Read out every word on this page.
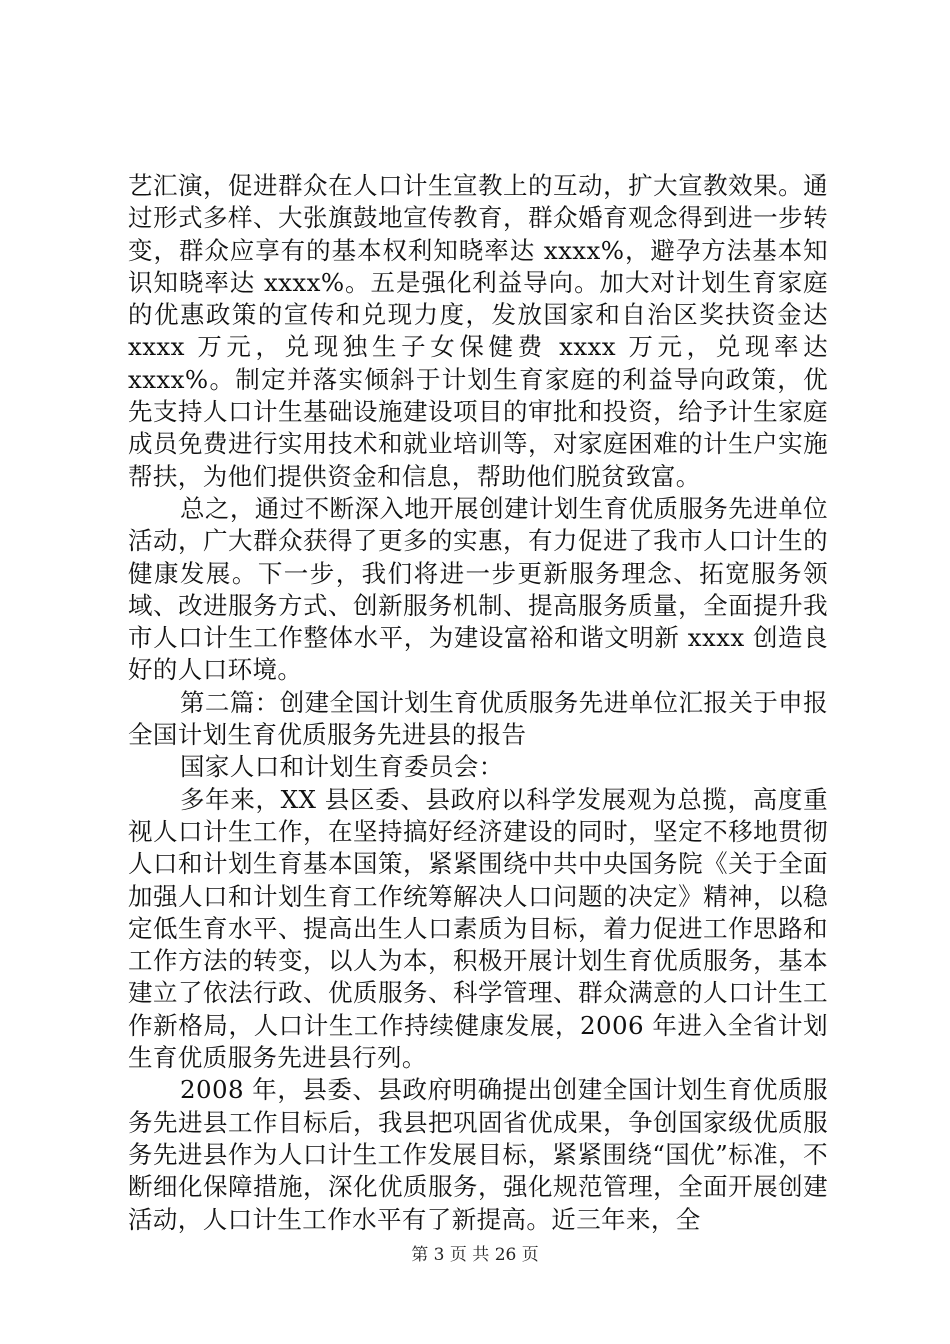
艺汇演，促进群众在人口计生宣教上的互动，扩大宣教效果。通过形式多样、大张旗鼓地宣传教育，群众婚育观念得到进一步转变，群众应享有的基本权利知晓率达 xxxx%，避孕方法基本知识知晓率达 xxxx%。五是强化利益导向。加大对计划生育家庭的优惠政策的宣传和兑现力度，发放国家和自治区奖扶资金达 xxxx 万元，兑现独生子女保健费 xxxx 万元，兑现率达 xxxx%。制定并落实倾斜于计划生育家庭的利益导向政策，优先支持人口计生基础设施建设项目的审批和投资，给予计生家庭成员免费进行实用技术和就业培训等，对家庭困难的计生户实施帮扶，为他们提供资金和信息，帮助他们脱贫致富。

总之，通过不断深入地开展创建计划生育优质服务先进单位活动，广大群众获得了更多的实惠，有力促进了我市人口计生的健康发展。下一步，我们将进一步更新服务理念、拓宽服务领域、改进服务方式、创新服务机制、提高服务质量，全面提升我市人口计生工作整体水平，为建设富裕和谐文明新 xxxx 创造良好的人口环境。

第二篇：创建全国计划生育优质服务先进单位汇报关于申报全国计划生育优质服务先进县的报告

国家人口和计划生育委员会：

多年来，XX 县区委、县政府以科学发展观为总揽，高度重视人口计生工作，在坚持搞好经济建设的同时，坚定不移地贯彻人口和计划生育基本国策，紧紧围绕中共中央国务院《关于全面加强人口和计划生育工作统筹解决人口问题的决定》精神，以稳定低生育水平、提高出生人口素质为目标，着力促进工作思路和工作方法的转变，以人为本，积极开展计划生育优质服务，基本建立了依法行政、优质服务、科学管理、群众满意的人口计生工作新格局，人口计生工作持续健康发展，2006 年进入全省计划生育优质服务先进县行列。

2008 年，县委、县政府明确提出创建全国计划生育优质服务先进县工作目标后，我县把巩固省优成果，争创国家级优质服务先进县作为人口计生工作发展目标，紧紧围绕“国优”标准，不断细化保障措施，深化优质服务，强化规范管理，全面开展创建活动，人口计生工作水平有了新提高。近三年来，全

第 3 页 共 26 页
